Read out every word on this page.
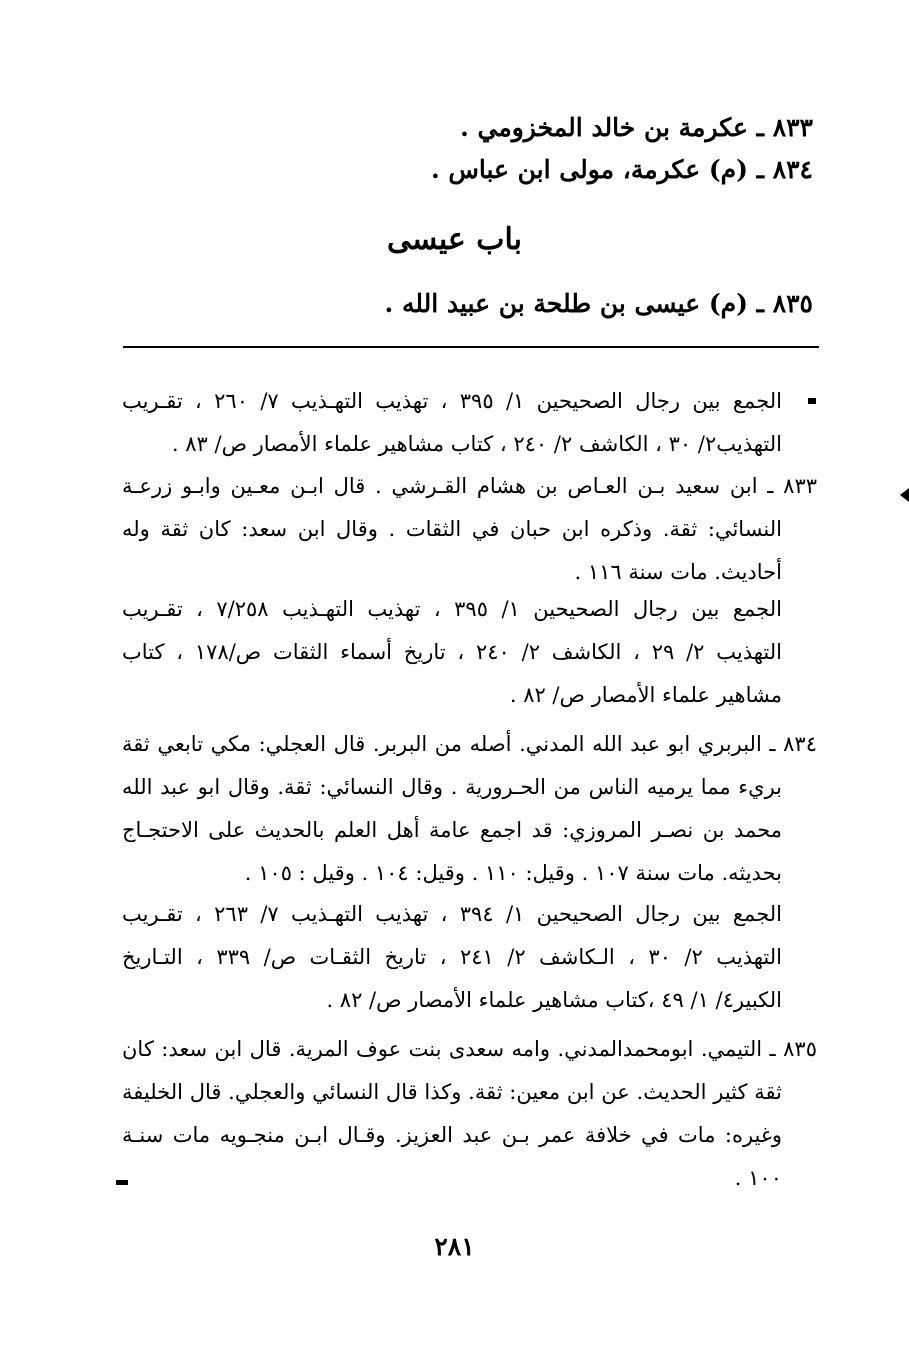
٨٣٣ ـ عكرمة بن خالد المخزومي .
٨٣٤ ـ (م) عكرمة، مولى ابن عباس .
باب عيسى
٨٣٥ ـ (م) عيسى بن طلحة بن عبيد الله .
الجمع بين رجال الصحيحين ١/ ٣٩٥ ، تهذيب التهـذيب ٧/ ٢٦٠ ، تقـريب
التهذيب٢/ ٣٠ ، الكاشف ٢/ ٢٤٠ ، كتاب مشاهير علماء الأمصار ص/ ٨٣ .
٨٣٣ ـ ابن سعيد بـن العـاص بن هشام القـرشي . قال ابـن معـين وابـو زرعـة
النسائي: ثقة. وذكره ابن حبان في الثقات . وقال ابن سعد: كان ثقة وله
أحاديث. مات سنة ١١٦ .
الجمع بين رجال الصحيحين ١/ ٣٩٥ ، تهذيب التهـذيب ٧/٢٥٨ ، تقـريب
التهذيب ٢/ ٢٩ ، الكاشف ٢/ ٢٤٠ ، تاريخ أسماء الثقات ص/١٧٨ ، كتاب
مشاهير علماء الأمصار ص/ ٨٢ .
٨٣٤ ـ البربري ابو عبد الله المدني. أصله من البربر. قال العجلي: مكي تابعي ثقة
بريء مما يرميه الناس من الحـرورية . وقال النسائي: ثقة. وقال ابو عبد الله
محمد بن نصـر المروزي: قد اجمع عامة أهل العلم بالحديث على الاحتجـاج
بحديثه. مات سنة ١٠٧ . وقيل: ١١٠ . وقيل: ١٠٤ . وقيل : ١٠٥ .
الجمع بين رجال الصحيحين ١/ ٣٩٤ ، تهذيب التهـذيب ٧/ ٢٦٣ ، تقـريب
التهذيب ٢/ ٣٠ ، الـكاشف ٢/ ٢٤١ ، تاريخ الثقـات ص/ ٣٣٩ ، التـاريخ
الكبير٤/ ١/ ٤٩ ،كتاب مشاهير علماء الأمصار ص/ ٨٢ .
٨٣٥ ـ التيمي. ابومحمدالمدني. وامه سعدى بنت عوف المرية. قال ابن سعد: كان
ثقة كثير الحديث. عن ابن معين: ثقة. وكذا قال النسائي والعجلي. قال الخليفة
وغيره: مات في خلافة عمر بـن عبد العزيز. وقـال ابـن منجـويه مات سنـة
١٠٠ .
٢٨١
